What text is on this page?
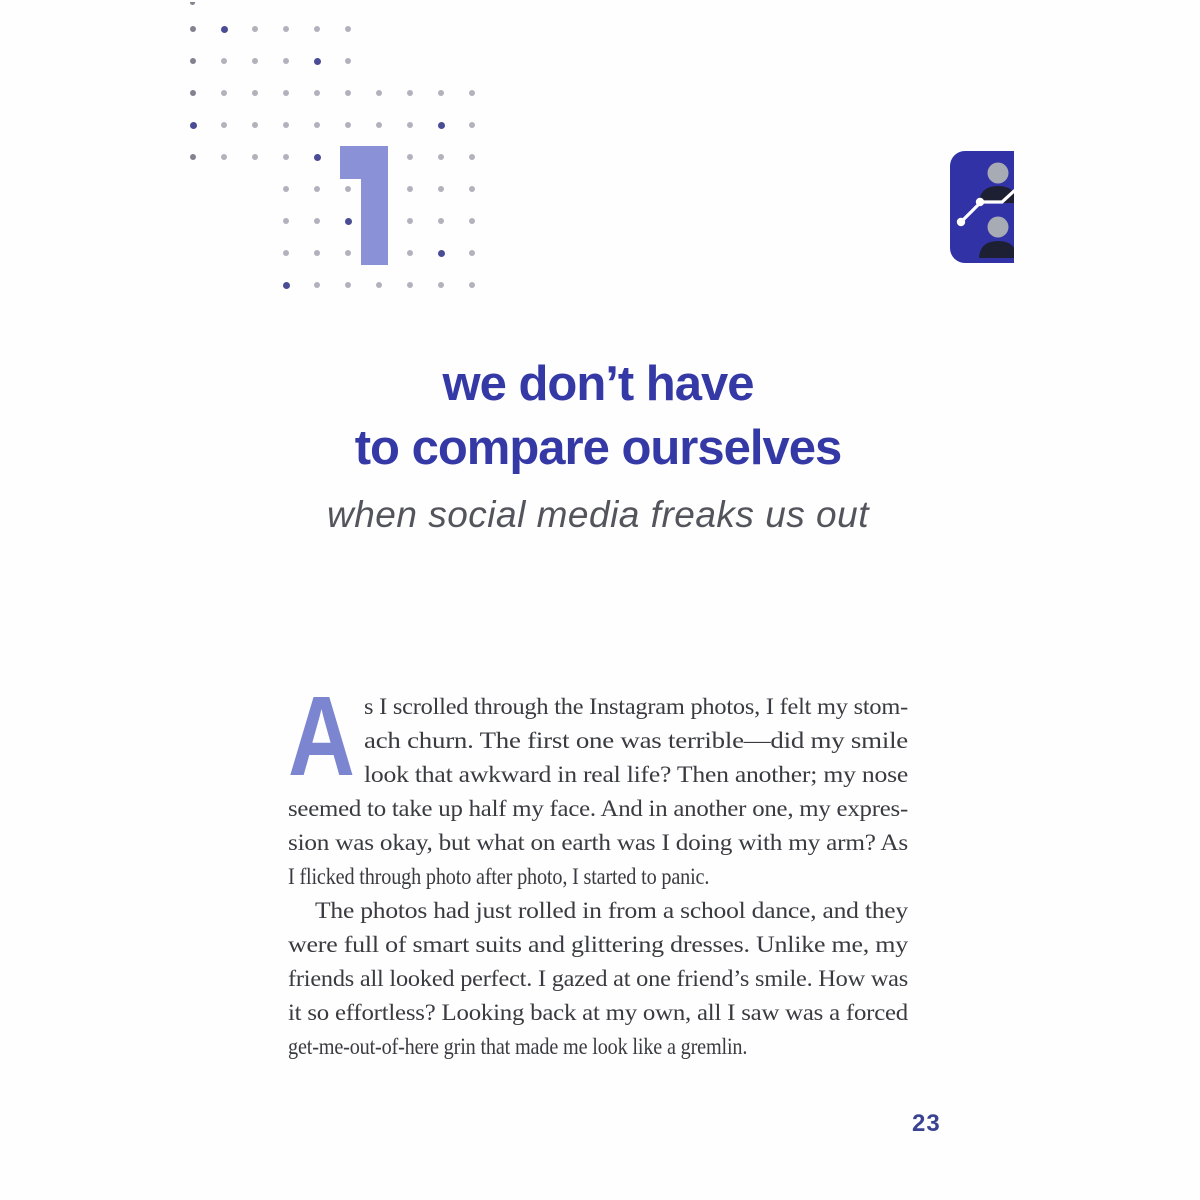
we don’t have
to compare ourselves
when social media freaks us out
A s I scrolled through the Instagram photos, I felt my stom-
ach churn. The first one was terrible—did my smile
look that awkward in real life? Then another; my nose
seemed to take up half my face. And in another one, my expres-
sion was okay, but what on earth was I doing with my arm? As
I flicked through photo after photo, I started to panic.
The photos had just rolled in from a school dance, and they
were full of smart suits and glittering dresses. Unlike me, my
friends all looked perfect. I gazed at one friend’s smile. How was
it so effortless? Looking back at my own, all I saw was a forced
get-me-out-of-here grin that made me look like a gremlin.
23
